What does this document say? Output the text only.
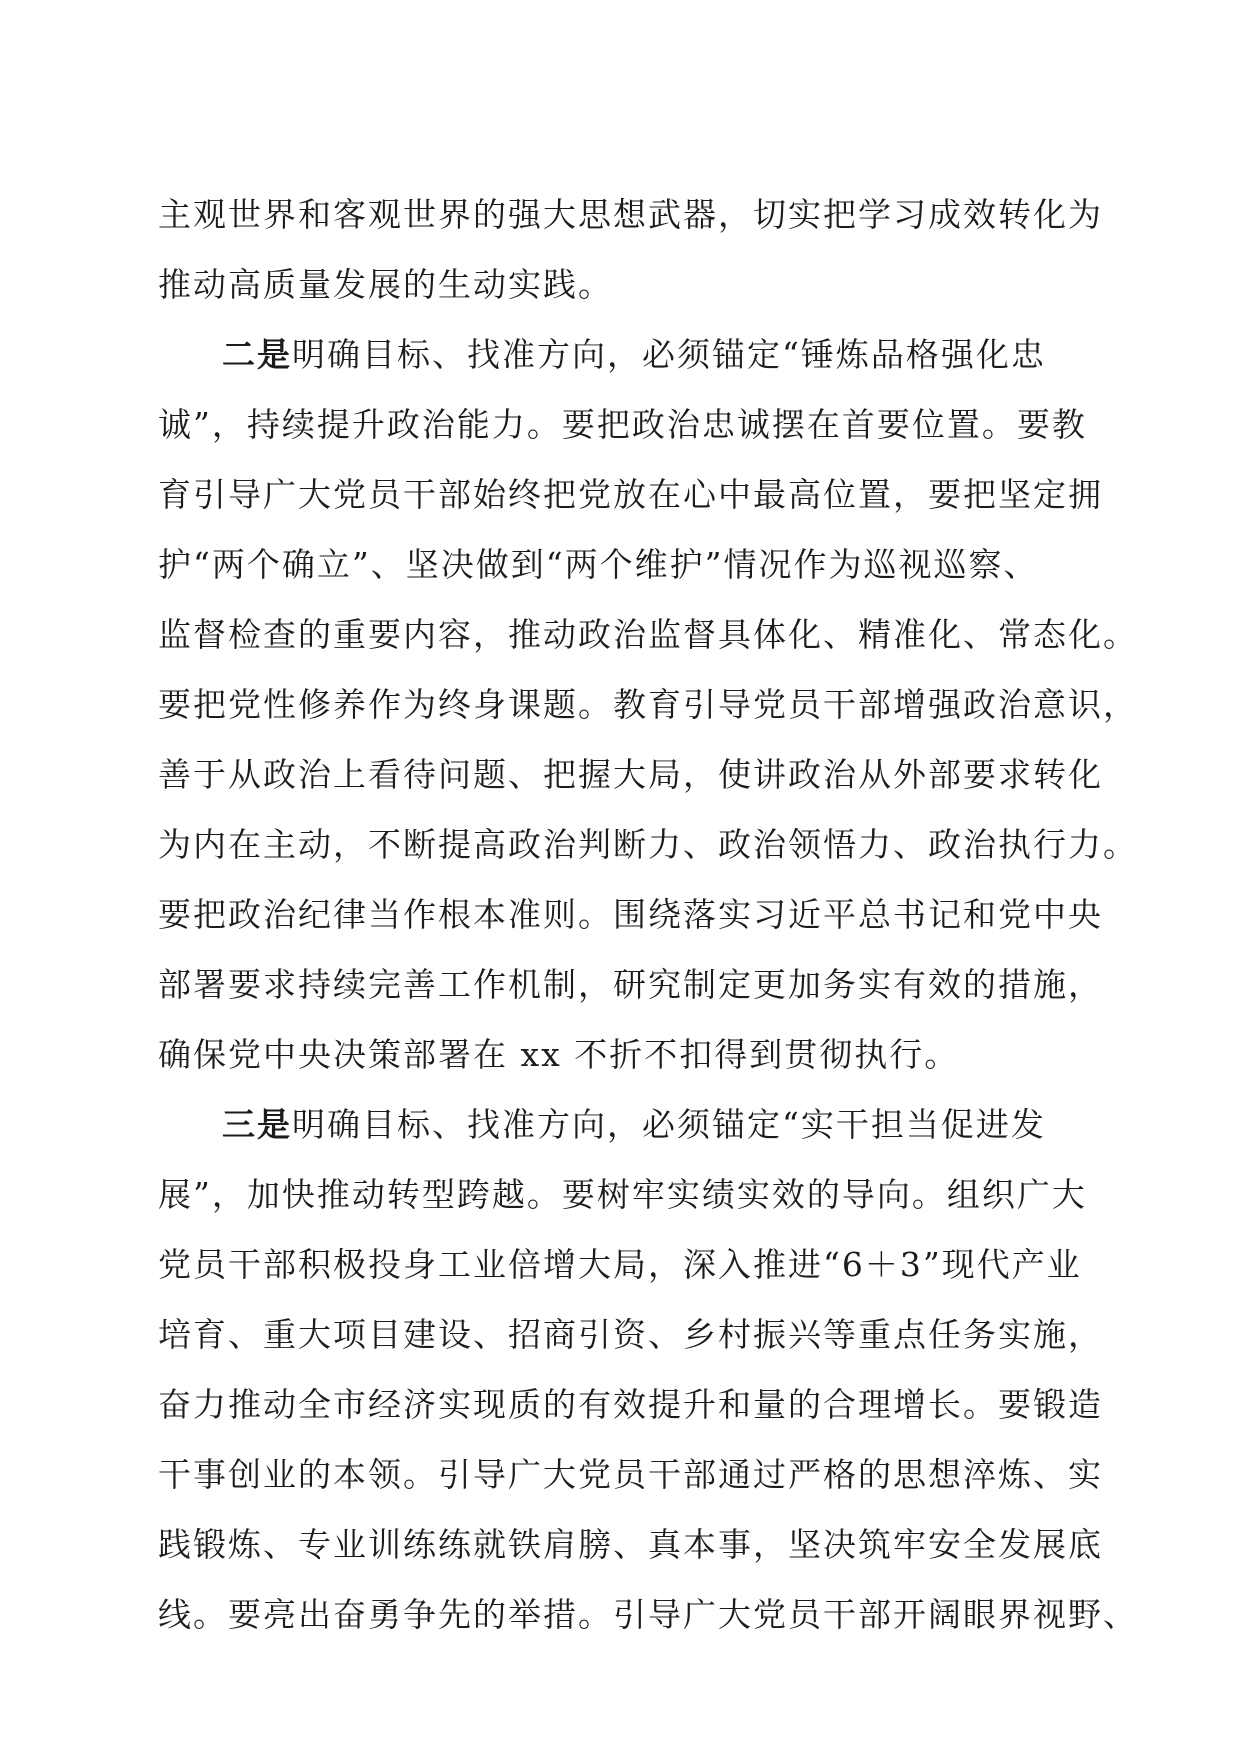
主观世界和客观世界的强大思想武器，切实把学习成效转化为
推动高质量发展的生动实践。
二是明确目标、找准方向，必须锚定“锤炼品格强化忠
诚”，持续提升政治能力。要把政治忠诚摆在首要位置。要教
育引导广大党员干部始终把党放在心中最高位置，要把坚定拥
护“两个确立”、坚决做到“两个维护”情况作为巡视巡察、
监督检查的重要内容，推动政治监督具体化、精准化、常态化。
要把党性修养作为终身课题。教育引导党员干部增强政治意识，
善于从政治上看待问题、把握大局，使讲政治从外部要求转化
为内在主动，不断提高政治判断力、政治领悟力、政治执行力。
要把政治纪律当作根本准则。围绕落实习近平总书记和党中央
部署要求持续完善工作机制，研究制定更加务实有效的措施，
确保党中央决策部署在 xx 不折不扣得到贯彻执行。
三是明确目标、找准方向，必须锚定“实干担当促进发
展”，加快推动转型跨越。要树牢实绩实效的导向。组织广大
党员干部积极投身工业倍增大局，深入推进“6＋3”现代产业
培育、重大项目建设、招商引资、乡村振兴等重点任务实施，
奋力推动全市经济实现质的有效提升和量的合理增长。要锻造
干事创业的本领。引导广大党员干部通过严格的思想淬炼、实
践锻炼、专业训练练就铁肩膀、真本事，坚决筑牢安全发展底
线。要亮出奋勇争先的举措。引导广大党员干部开阔眼界视野、
